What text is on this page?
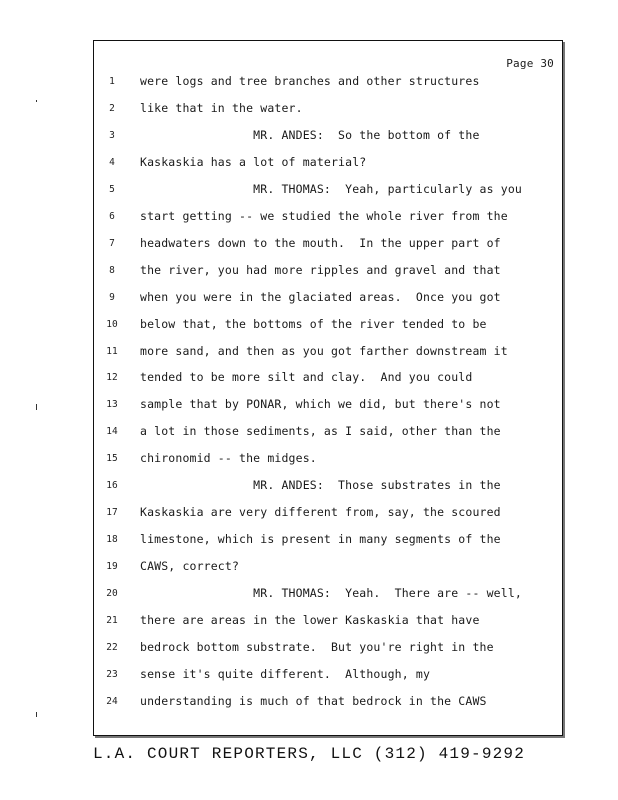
Page 30
1	were logs and tree branches and other structures
2	like that in the water.
3	MR. ANDES:  So the bottom of the
4	Kaskaskia has a lot of material?
5	MR. THOMAS:  Yeah, particularly as you
6	start getting -- we studied the whole river from the
7	headwaters down to the mouth.  In the upper part of
8	the river, you had more ripples and gravel and that
9	when you were in the glaciated areas.  Once you got
10	below that, the bottoms of the river tended to be
11	more sand, and then as you got farther downstream it
12	tended to be more silt and clay.  And you could
13	sample that by PONAR, which we did, but there's not
14	a lot in those sediments, as I said, other than the
15	chironomid -- the midges.
16	MR. ANDES:  Those substrates in the
17	Kaskaskia are very different from, say, the scoured
18	limestone, which is present in many segments of the
19	CAWS, correct?
20	MR. THOMAS:  Yeah.  There are -- well,
21	there are areas in the lower Kaskaskia that have
22	bedrock bottom substrate.  But you're right in the
23	sense it's quite different.  Although, my
24	understanding is much of that bedrock in the CAWS
L.A. COURT REPORTERS, LLC (312) 419-9292
